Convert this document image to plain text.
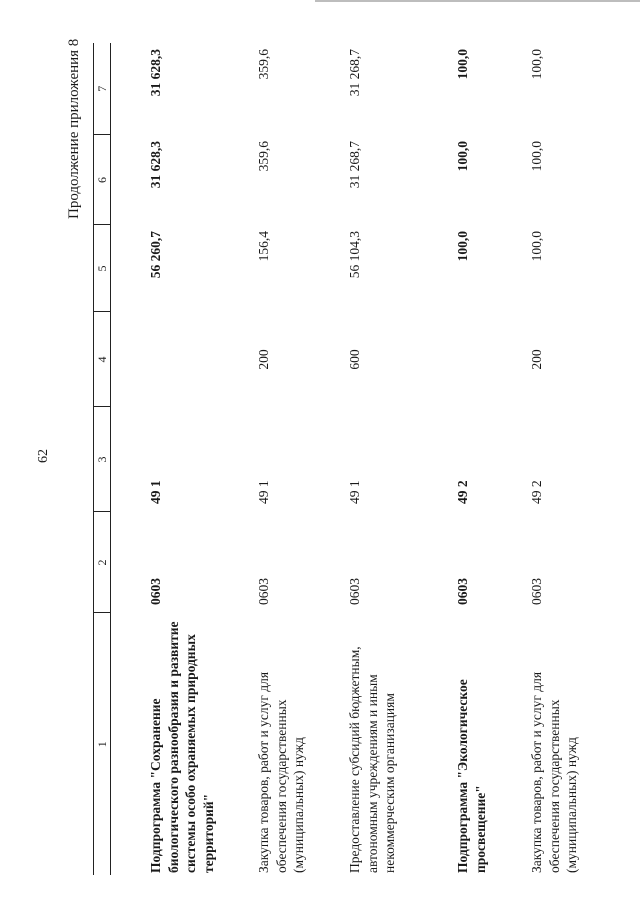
62
Продолжение приложения 8
1	2	3	4	5	6	7
Подпрограмма "Сохранение биологического разнообразия и развитие системы особо охраняемых природных территорий"	0603	49 1		56 260,7	31 628,3	31 628,3
Закупка товаров, работ и услуг для обеспечения государственных (муниципальных) нужд	0603	49 1	200	156,4	359,6	359,6
Предоставление субсидий бюджетным, автономным учреждениям и иным некоммерческим организациям	0603	49 1	600	56 104,3	31 268,7	31 268,7
Подпрограмма "Экологическое просвещение"	0603	49 2		100,0	100,0	100,0
Закупка товаров, работ и услуг для обеспечения государственных (муниципальных) нужд	0603	49 2	200	100,0	100,0	100,0
